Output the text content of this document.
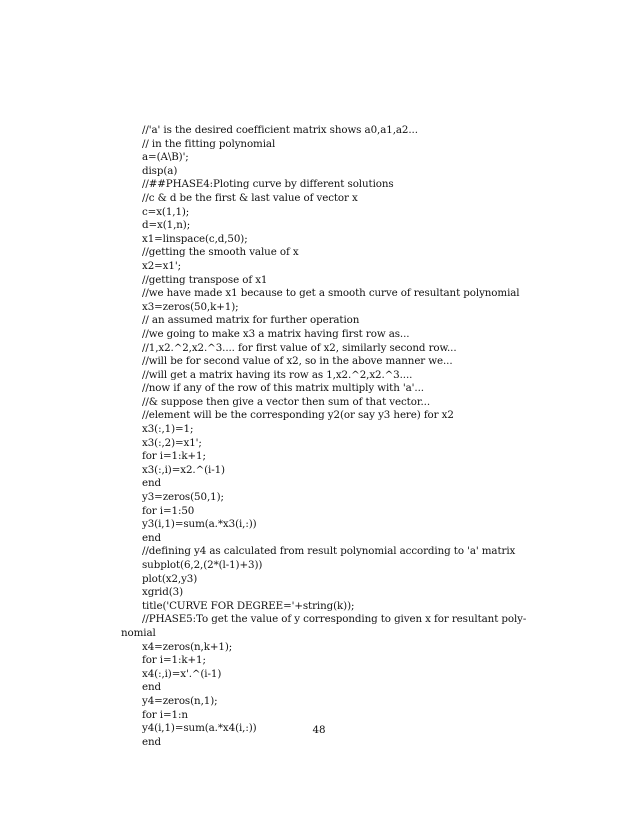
//'a' is the desired coefficient matrix shows a0,a1,a2...
// in the fitting polynomial
a=(A\B)';
disp(a)
//##PHASE4:Ploting curve by different solutions
//c & d be the first & last value of vector x
c=x(1,1);
d=x(1,n);
x1=linspace(c,d,50);
//getting the smooth value of x
x2=x1';
//getting transpose of x1
//we have made x1 because to get a smooth curve of resultant polynomial
x3=zeros(50,k+1);
// an assumed matrix for further operation
//we going to make x3 a matrix having first row as...
//1,x2.^2,x2.^3.... for first value of x2, similarly second row...
//will be for second value of x2, so in the above manner we...
//will get a matrix having its row as 1,x2.^2,x2.^3....
//now if any of the row of this matrix multiply with 'a'...
//& suppose then give a vector then sum of that vector...
//element will be the corresponding y2(or say y3 here) for x2
x3(:,1)=1;
x3(:,2)=x1';
for i=1:k+1;
x3(:,i)=x2.^(i-1)
end
y3=zeros(50,1);
for i=1:50
y3(i,1)=sum(a.*x3(i,:))
end
//defining y4 as calculated from result polynomial according to 'a' matrix
subplot(6,2,(2*(l-1)+3))
plot(x2,y3)
xgrid(3)
title('CURVE FOR DEGREE='+string(k));
//PHASE5:To get the value of y corresponding to given x for resultant poly-
nomial
x4=zeros(n,k+1);
for i=1:k+1;
x4(:,i)=x'.^(i-1)
end
y4=zeros(n,1);
for i=1:n
y4(i,1)=sum(a.*x4(i,:))
end
48
